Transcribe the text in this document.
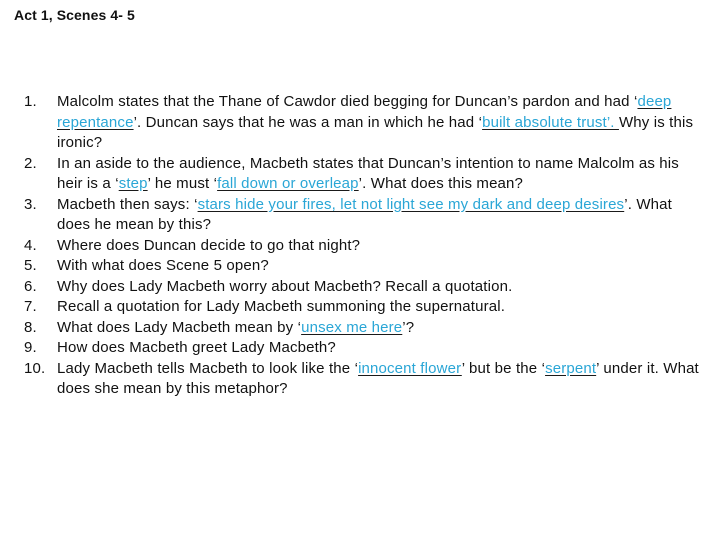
Act 1, Scenes 4- 5
1.	Malcolm states that the Thane of Cawdor died begging for Duncan’s pardon and had ‘deep repentance’. Duncan says that he was a man in which he had ‘built absolute trust’. Why is this ironic?
2.	In an aside to the audience, Macbeth states that Duncan’s intention to name Malcolm as his heir is a ‘step’ he must ‘fall down or overleap’. What does this mean?
3.	Macbeth then says: ‘stars hide your fires, let not light see my dark and deep desires’. What does he mean by this?
4.	Where does Duncan decide to go that night?
5.	With what does Scene 5 open?
6.	Why does Lady Macbeth worry about Macbeth? Recall a quotation.
7.	Recall a quotation for Lady Macbeth summoning the supernatural.
8.	What does Lady Macbeth mean by ‘unsex me here’?
9.	How does Macbeth greet Lady Macbeth?
10. Lady Macbeth tells Macbeth to look like the ‘innocent flower’ but be the ‘serpent’ under it. What does she mean by this metaphor?
